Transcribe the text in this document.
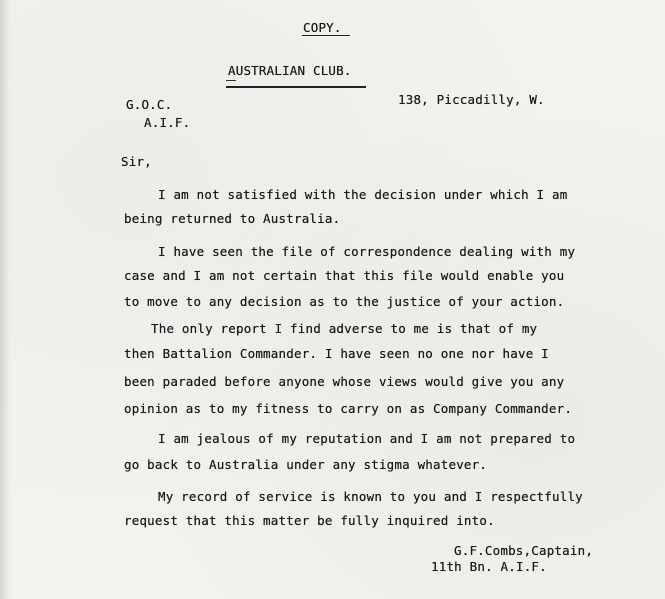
COPY.
AUSTRALIAN CLUB.
138, Piccadilly, W.
G.O.C.
A.I.F.
Sir,
I am not satisfied with the decision under which I am
being returned to Australia.
I have seen the file of correspondence dealing with my
case and I am not certain that this file would enable you
to move to any decision as to the justice of your action.
The only report I find adverse to me is that of my
then Battalion Commander. I have seen no one nor have I
been paraded before anyone whose views would give you any
opinion as to my fitness to carry on as Company Commander.
I am jealous of my reputation and I am not prepared to
go back to Australia under any stigma whatever.
My record of service is known to you and I respectfully
request that this matter be fully inquired into.
G.F.Combs,Captain,
11th Bn. A.I.F.
